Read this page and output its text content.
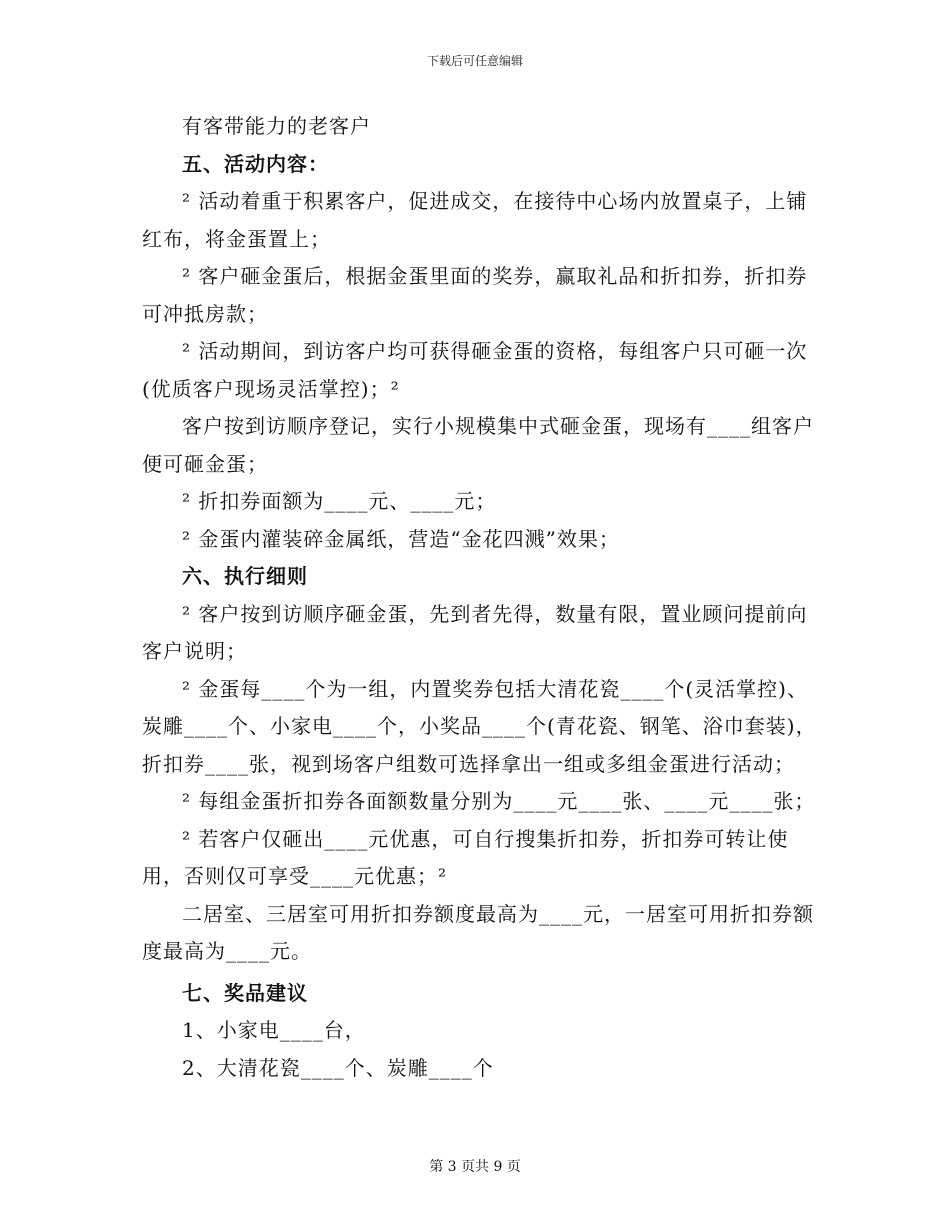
下载后可任意编辑

有客带能力的老客户

五、活动内容：

² 活动着重于积累客户，促进成交，在接待中心场内放置桌子，上铺红布，将金蛋置上；

² 客户砸金蛋后，根据金蛋里面的奖券，赢取礼品和折扣券，折扣券可冲抵房款；

² 活动期间，到访客户均可获得砸金蛋的资格，每组客户只可砸一次(优质客户现场灵活掌控)；²

客户按到访顺序登记，实行小规模集中式砸金蛋，现场有____组客户便可砸金蛋；

² 折扣券面额为____元、____元；

² 金蛋内灌装碎金属纸，营造“金花四溅”效果；

六、执行细则

² 客户按到访顺序砸金蛋，先到者先得，数量有限，置业顾问提前向客户说明；

² 金蛋每____个为一组，内置奖券包括大清花瓷____个(灵活掌控)、炭雕____个、小家电____个，小奖品____个(青花瓷、钢笔、浴巾套装)，折扣券____张，视到场客户组数可选择拿出一组或多组金蛋进行活动；

² 每组金蛋折扣券各面额数量分别为____元____张、____元____张；

² 若客户仅砸出____元优惠，可自行搜集折扣券，折扣券可转让使用，否则仅可享受____元优惠；²

二居室、三居室可用折扣券额度最高为____元，一居室可用折扣券额度最高为____元。

七、奖品建议

1、小家电____台，

2、大清花瓷____个、炭雕____个

第 3 页共 9 页
